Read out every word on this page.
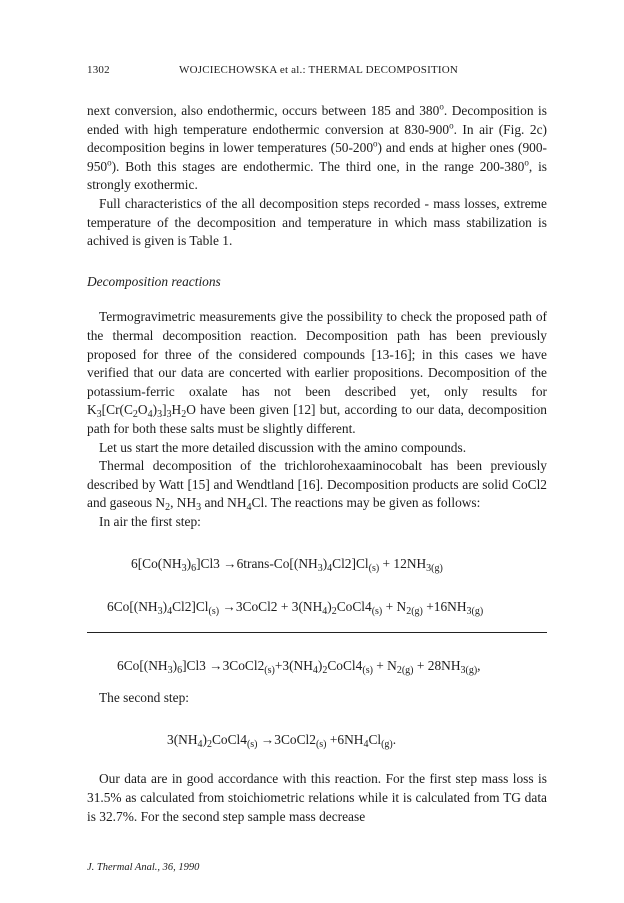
1302	WOJCIECHOWSKA et al.: THERMAL DECOMPOSITION

next conversion, also endothermic, occurs between 185 and 380$^o$. Decomposition is ended with high temperature endothermic conversion at 830-900$^o$. In air (Fig. 2c) decomposition begins in lower temperatures (50-200$^o$) and ends at higher ones (900-950$^o$). Both this stages are endothermic. The third one, in the range 200-380$^o$, is strongly exothermic.

Full characteristics of the all decomposition steps recorded - mass losses, extreme temperature of the decomposition and temperature in which mass stabilization is achived is given is Table 1.

Decomposition reactions

Termogravimetric measurements give the possibility to check the proposed path of the thermal decomposition reaction. Decomposition path has been previously proposed for three of the considered compounds [13-16]; in this cases we have verified that our data are concerted with earlier propositions. Decomposition of the potassium-ferric oxalate has not been described yet, only results for $K_3[Cr(C_2O_4)_3]_3H_2O$ have been given [12] but, according to our data, decomposition path for both these salts must be slightly different.

Let us start the more detailed discussion with the amino compounds.

Thermal decomposition of the trichlorohexaaminocobalt has been previously described by Watt [15] and Wendtland [16]. Decomposition products are solid CoCl2 and gaseous $N_2$, $NH_3$ and $NH_4Cl$. The reactions may be given as follows:

In air the first step:

$6[Co(NH_3)_6]Cl3$ $\to 6trans-Co[(NH_3)_4Cl2]Cl_{(s)} + 12NH_{3(g)}$

$6Co[(NH_3)_4Cl2]Cl_{(s)}$ →3CoCl2 + $3(NH_4)_2CoCl4_{(s)} + N_{2(g)} +16NH_{3(g)}$

$6Co[(NH_3)_6]Cl3$ $\to 3CoCl2_{(s)}+3(NH_4)_2CoCl4_{(s)} + N_{2(g)} + 28NH_{3(g)}$,

The second step:

$3(NH_4)_2CoCl4_{(s)}$ $\to 3CoCl2_{(s)} +6NH_4Cl_{(g)}$.

Our data are in good accordance with this reaction. For the first step mass loss is 31.5% as calculated from stoichiometric relations while it is calculated from TG data is 32.7%. For the second step sample mass decrease

J. Thermal Anal., 36, 1990
